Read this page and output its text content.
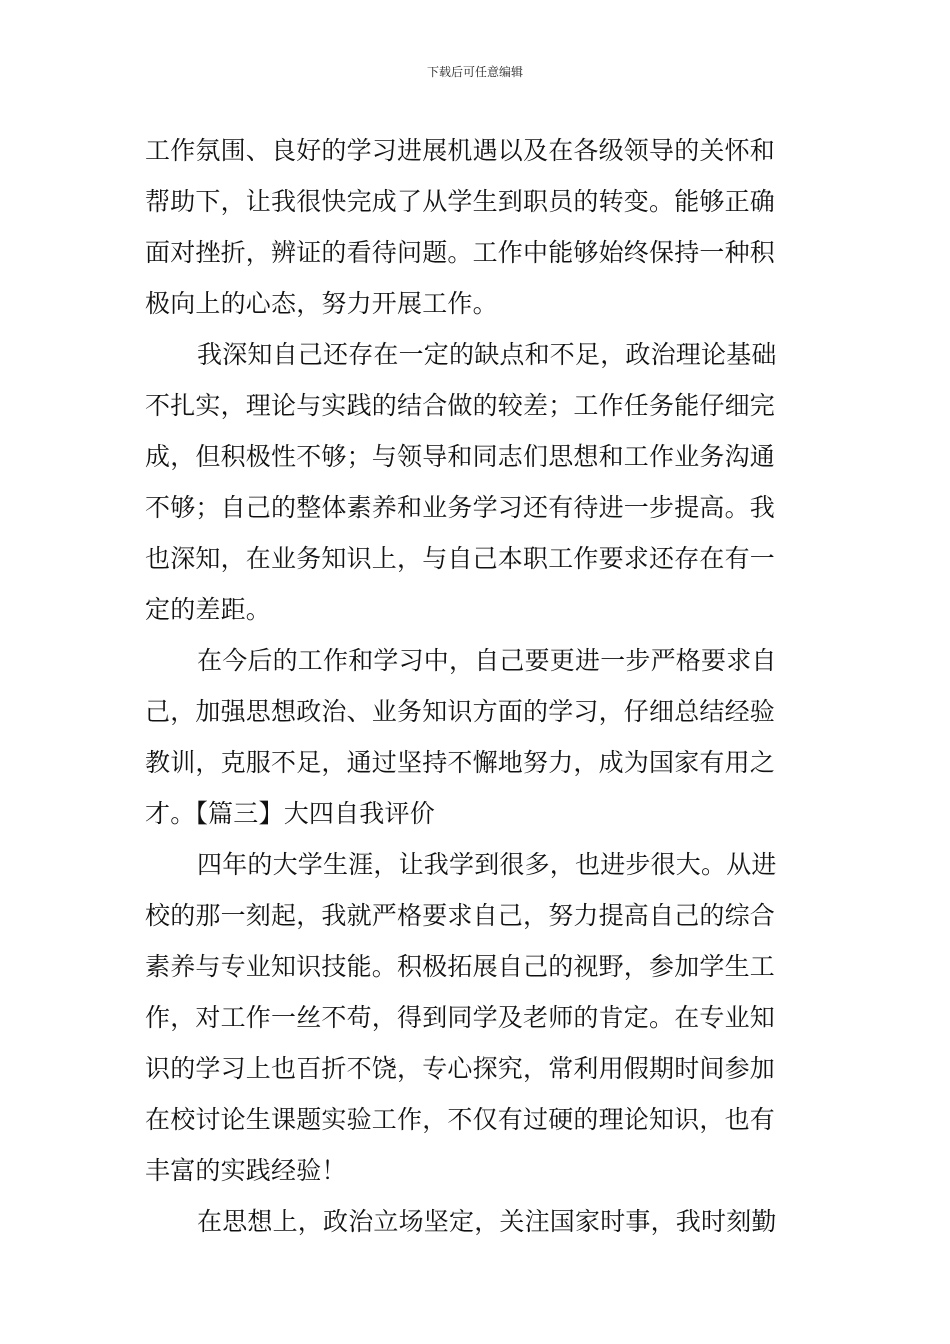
下载后可任意编辑
工作氛围、良好的学习进展机遇以及在各级领导的关怀和
帮助下，让我很快完成了从学生到职员的转变。能够正确
面对挫折，辨证的看待问题。工作中能够始终保持一种积
极向上的心态，努力开展工作。
我深知自己还存在一定的缺点和不足，政治理论基础
不扎实，理论与实践的结合做的较差；工作任务能仔细完
成，但积极性不够；与领导和同志们思想和工作业务沟通
不够；自己的整体素养和业务学习还有待进一步提高。我
也深知，在业务知识上，与自己本职工作要求还存在有一
定的差距。
在今后的工作和学习中，自己要更进一步严格要求自
己，加强思想政治、业务知识方面的学习，仔细总结经验
教训，克服不足，通过坚持不懈地努力，成为国家有用之
才。【篇三】大四自我评价
四年的大学生涯，让我学到很多，也进步很大。从进
校的那一刻起，我就严格要求自己，努力提高自己的综合
素养与专业知识技能。积极拓展自己的视野，参加学生工
作，对工作一丝不苟，得到同学及老师的肯定。在专业知
识的学习上也百折不饶，专心探究，常利用假期时间参加
在校讨论生课题实验工作，不仅有过硬的理论知识，也有
丰富的实践经验！
在思想上，政治立场坚定，关注国家时事，我时刻勤
